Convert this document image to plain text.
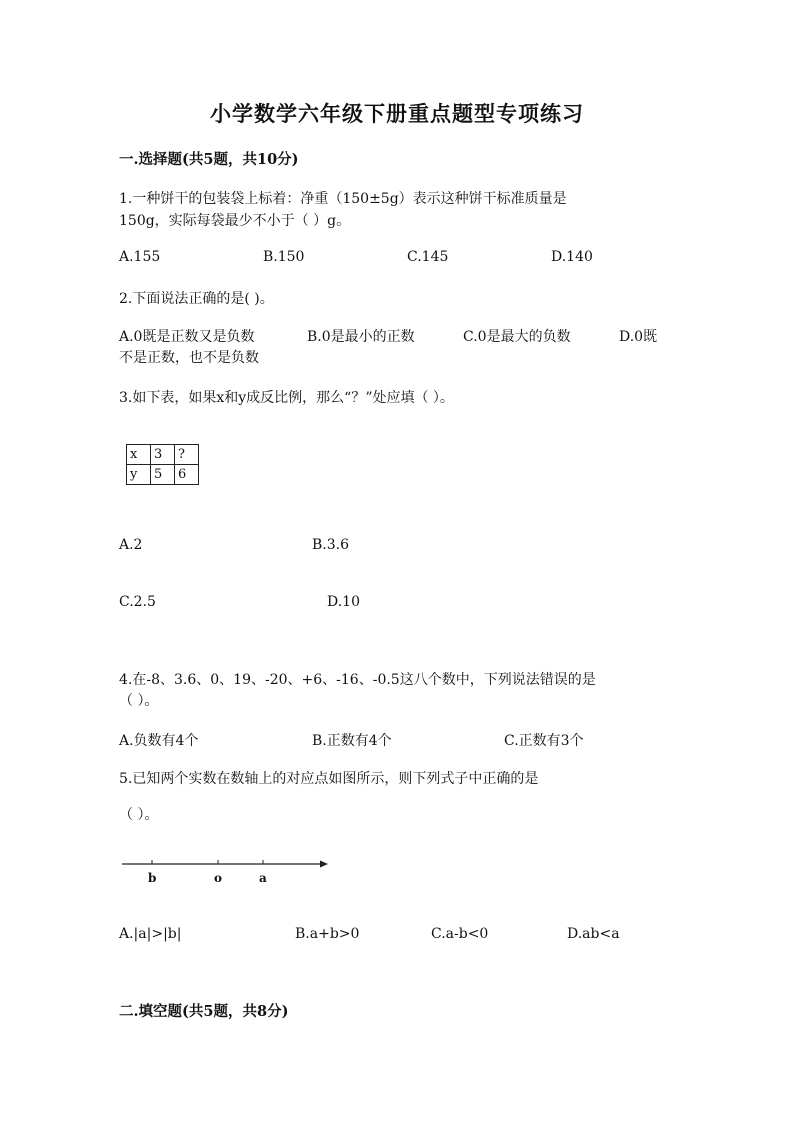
小学数学六年级下册重点题型专项练习
一.选择题(共5题，共10分)
1.一种饼干的包装袋上标着：净重（150±5g）表示这种饼干标准质量是
150g，实际每袋最少不小于（ ）g。
A.155	B.150	C.145	D.140
2.下面说法正确的是( )。
A.0既是正数又是负数	B.0是最小的正数	C.0是最大的负数	D.0既
不是正数，也不是负数
3.如下表，如果x和y成反比例，那么“？”处应填（ ）。
x	3	?
y	5	6
A.2	B.3.6
C.2.5	D.10
4.在-8、3.6、0、19、-20、+6、-16、-0.5这八个数中，下列说法错误的是
（ ）。
A.负数有4个	B.正数有4个	C.正数有3个
5.已知两个实数在数轴上的对应点如图所示，则下列式子中正确的是
（ ）。
b	o	a
A.|a|>|b|	B.a+b>0	C.a-b<0	D.ab<a
二.填空题(共5题，共8分)
